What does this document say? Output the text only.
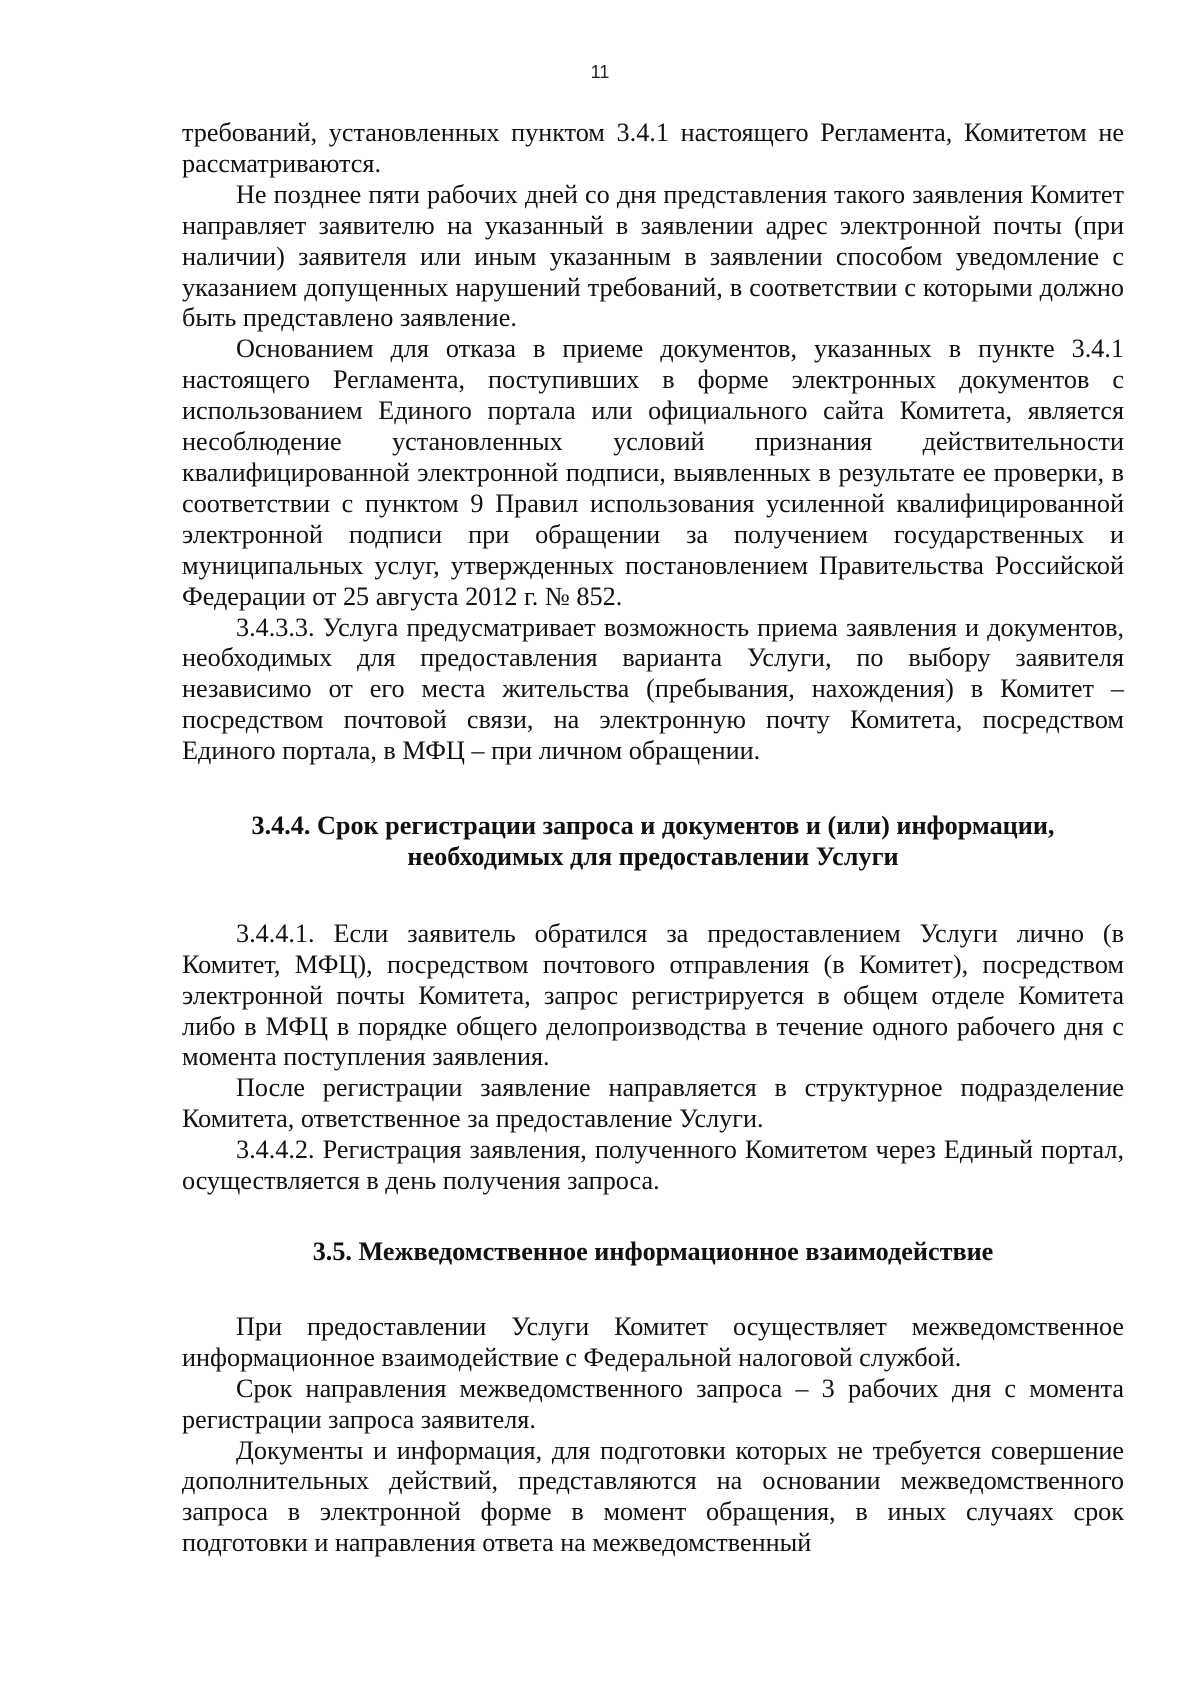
11

требований, установленных пунктом 3.4.1 настоящего Регламента, Комитетом не рассматриваются.

Не позднее пяти рабочих дней со дня представления такого заявления Комитет направляет заявителю на указанный в заявлении адрес электронной почты (при наличии) заявителя или иным указанным в заявлении способом уведомление с указанием допущенных нарушений требований, в соответствии с которыми должно быть представлено заявление.

Основанием для отказа в приеме документов, указанных в пункте 3.4.1 настоящего Регламента, поступивших в форме электронных документов с использованием Единого портала или официального сайта Комитета, является несоблюдение установленных условий признания действительности квалифицированной электронной подписи, выявленных в результате ее проверки, в соответствии с пунктом 9 Правил использования усиленной квалифицированной электронной подписи при обращении за получением государственных и муниципальных услуг, утвержденных постановлением Правительства Российской Федерации от 25 августа 2012 г. № 852.

3.4.3.3. Услуга предусматривает возможность приема заявления и документов, необходимых для предоставления варианта Услуги, по выбору заявителя независимо от его места жительства (пребывания, нахождения) в Комитет – посредством почтовой связи, на электронную почту Комитета, посредством Единого портала, в МФЦ – при личном обращении.

3.4.4. Срок регистрации запроса и документов и (или) информации,

необходимых для предоставлении Услуги

3.4.4.1. Если заявитель обратился за предоставлением Услуги лично (в Комитет, МФЦ), посредством почтового отправления (в Комитет), посредством электронной почты Комитета, запрос регистрируется в общем отделе Комитета либо в МФЦ в порядке общего делопроизводства в течение одного рабочего дня с момента поступления заявления.

После регистрации заявление направляется в структурное подразделение Комитета, ответственное за предоставление Услуги.

3.4.4.2. Регистрация заявления, полученного Комитетом через Единый портал, осуществляется в день получения запроса.

3.5. Межведомственное информационное взаимодействие

При предоставлении Услуги Комитет осуществляет межведомственное информационное взаимодействие с Федеральной налоговой службой.

Срок направления межведомственного запроса – 3 рабочих дня с момента регистрации запроса заявителя.

Документы и информация, для подготовки которых не требуется совершение дополнительных действий, представляются на основании межведомственного запроса в электронной форме в момент обращения, в иных случаях срок подготовки и направления ответа на межведомственный
